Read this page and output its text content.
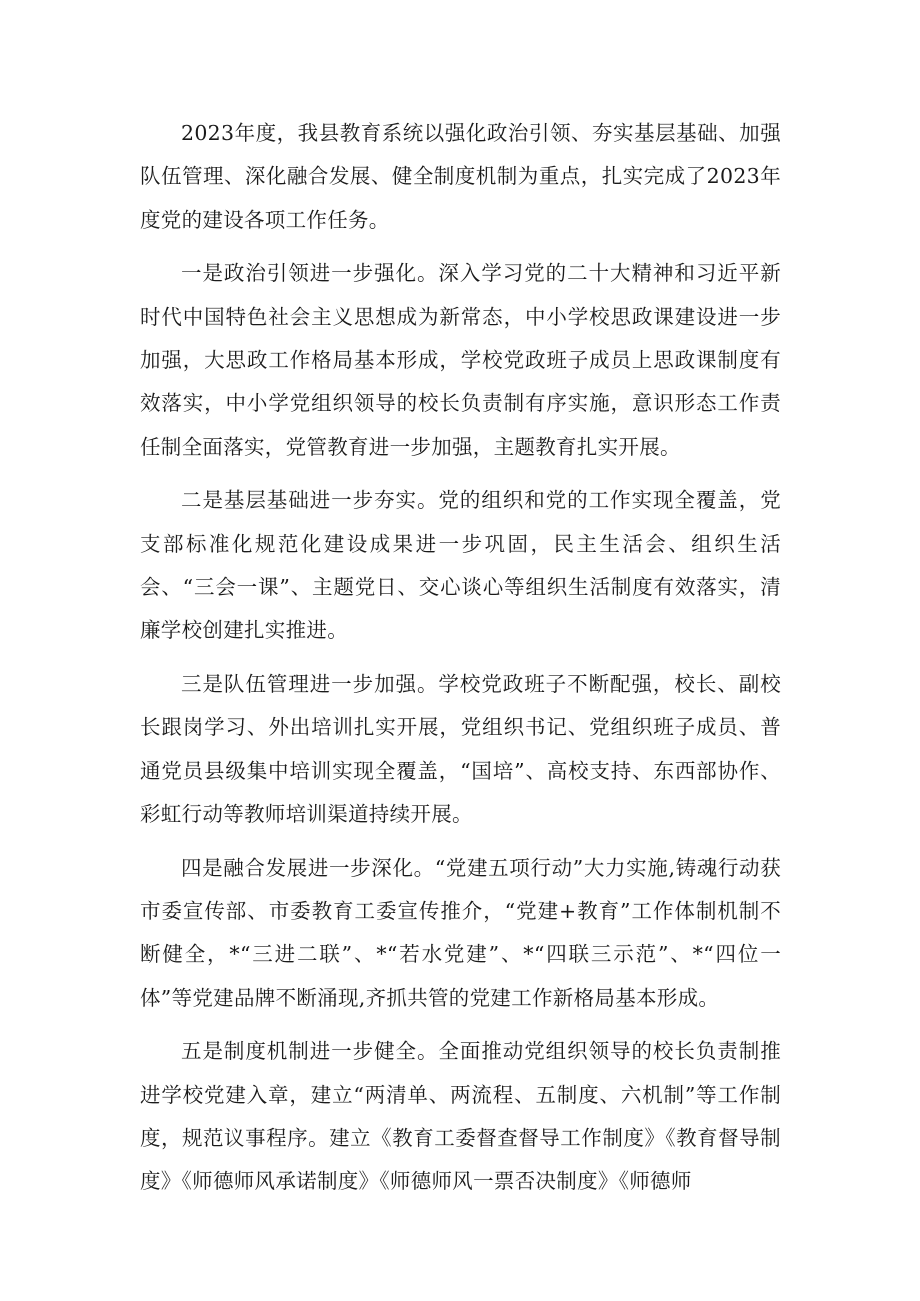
2023年度，我县教育系统以强化政治引领、夯实基层基础、加强队伍管理、深化融合发展、健全制度机制为重点，扎实完成了2023年度党的建设各项工作任务。

一是政治引领进一步强化。深入学习党的二十大精神和习近平新时代中国特色社会主义思想成为新常态，中小学校思政课建设进一步加强，大思政工作格局基本形成，学校党政班子成员上思政课制度有效落实，中小学党组织领导的校长负责制有序实施，意识形态工作责任制全面落实，党管教育进一步加强，主题教育扎实开展。

二是基层基础进一步夯实。党的组织和党的工作实现全覆盖，党支部标准化规范化建设成果进一步巩固，民主生活会、组织生活会、“三会一课”、主题党日、交心谈心等组织生活制度有效落实，清廉学校创建扎实推进。

三是队伍管理进一步加强。学校党政班子不断配强，校长、副校长跟岗学习、外出培训扎实开展，党组织书记、党组织班子成员、普通党员县级集中培训实现全覆盖，“国培”、高校支持、东西部协作、彩虹行动等教师培训渠道持续开展。

四是融合发展进一步深化。“党建五项行动”大力实施,铸魂行动获市委宣传部、市委教育工委宣传推介，“党建+教育”工作体制机制不断健全，*“三进二联”、*“若水党建”、*“四联三示范”、*“四位一体”等党建品牌不断涌现,齐抓共管的党建工作新格局基本形成。

五是制度机制进一步健全。全面推动党组织领导的校长负责制推进学校党建入章，建立“两清单、两流程、五制度、六机制”等工作制度，规范议事程序。建立《教育工委督查督导工作制度》《教育督导制度》《师德师风承诺制度》《师德师风一票否决制度》《师德师
